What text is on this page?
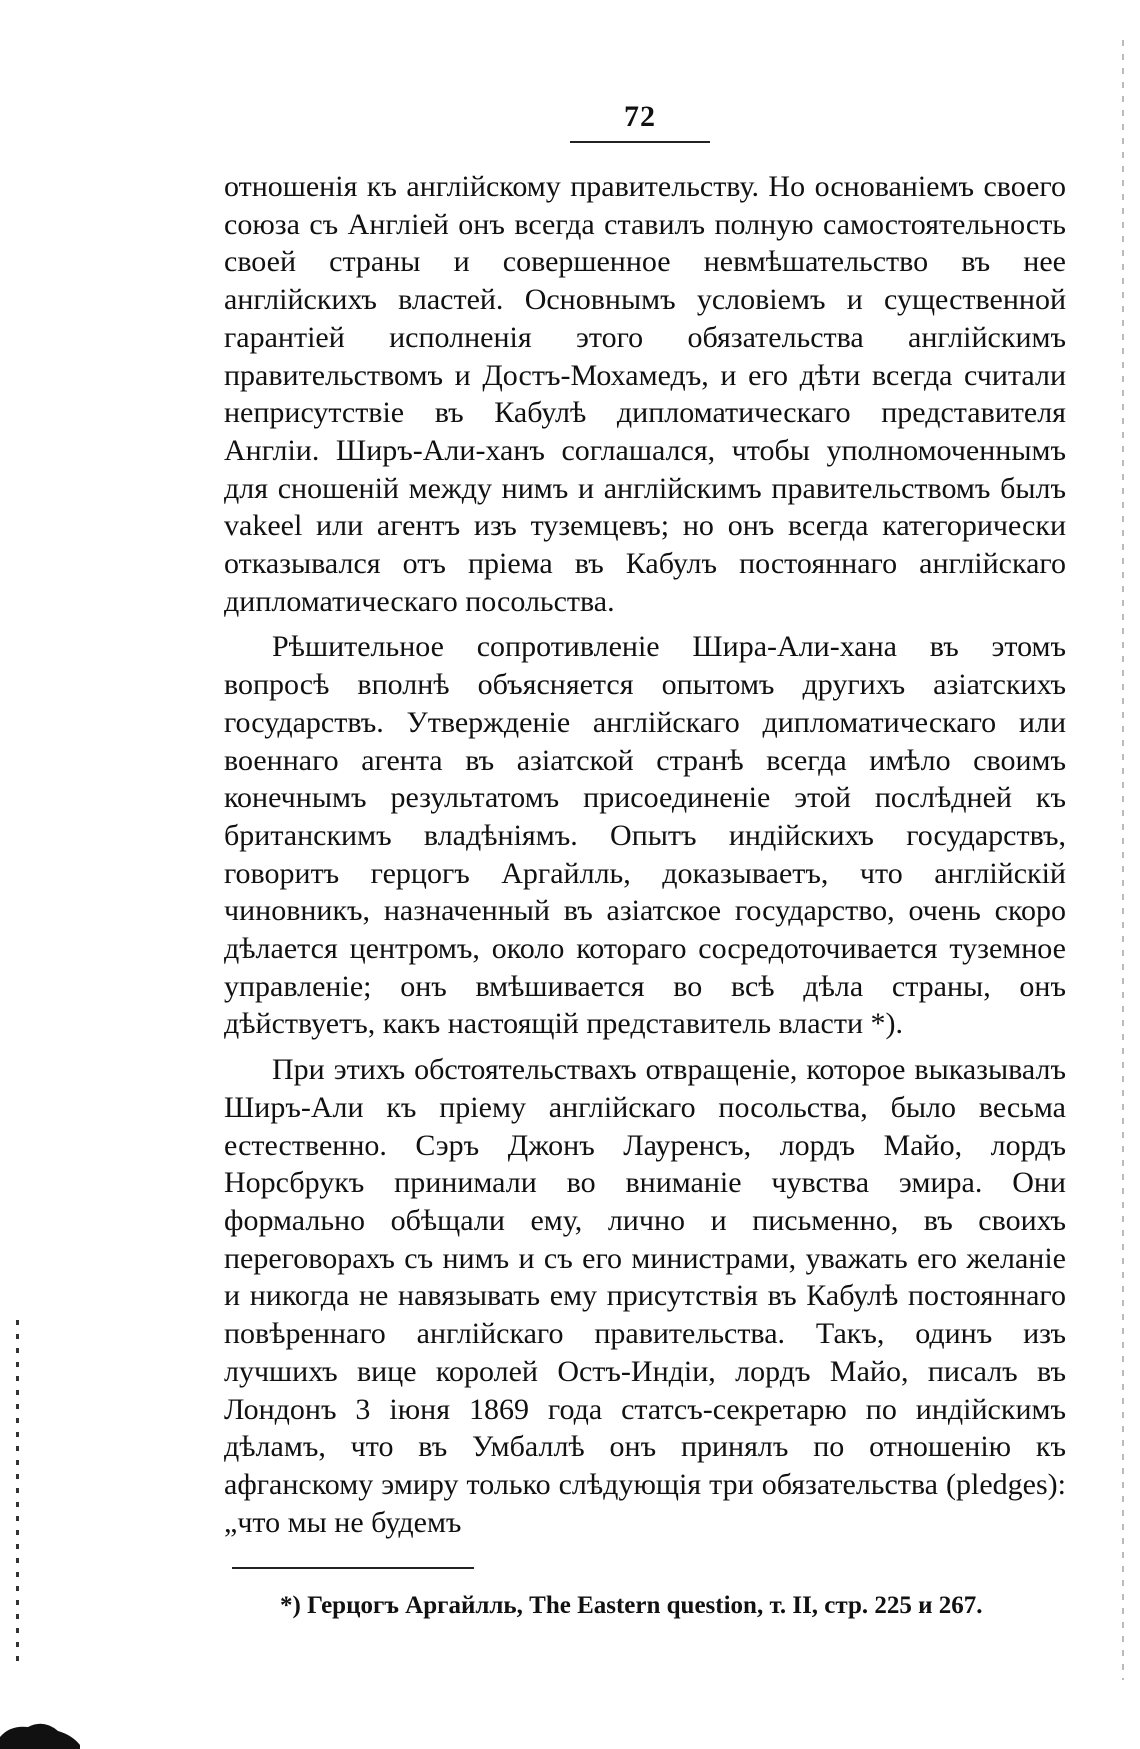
72

отношенія къ англійскому правительству. Но основаніемъ своего союза съ Англіей онъ всегда ставилъ полную самостоятельность своей страны и совершенное невмѣшательство въ нее англійскихъ властей. Основнымъ условіемъ и существенной гарантіей исполненія этого обязательства англійскимъ правительствомъ и Достъ-Мохамедъ, и его дѣти всегда считали неприсутствіе въ Кабулѣ дипломатическаго представителя Англіи. Ширъ-Али-ханъ соглашался, чтобы уполномоченнымъ для сношеній между нимъ и англійскимъ правительствомъ былъ vakeel или агентъ изъ туземцевъ; но онъ всегда категорически отказывался отъ пріема въ Кабулъ постояннаго англійскаго дипломатическаго посольства.

Рѣшительное сопротивленіе Шира-Али-хана въ этомъ вопросѣ вполнѣ объясняется опытомъ другихъ азіатскихъ государствъ. Утвержденіе англійскаго дипломатическаго или военнаго агента въ азіатской странѣ всегда имѣло своимъ конечнымъ результатомъ присоединеніе этой послѣдней къ британскимъ владѣніямъ. Опытъ индійскихъ государствъ, говоритъ герцогъ Аргайлль, доказываетъ, что англійскій чиновникъ, назначенный въ азіатское государство, очень скоро дѣлается центромъ, около котораго сосредоточивается туземное управленіе; онъ вмѣшивается во всѣ дѣла страны, онъ дѣйствуетъ, какъ настоящій представитель власти *).

При этихъ обстоятельствахъ отвращеніе, которое выказывалъ Ширъ-Али къ пріему англійскаго посольства, было весьма естественно. Сэръ Джонъ Лауренсъ, лордъ Майо, лордъ Норсбрукъ принимали во вниманіе чувства эмира. Они формально обѣщали ему, лично и письменно, въ своихъ переговорахъ съ нимъ и съ его министрами, уважать его желаніе и никогда не навязывать ему присутствія въ Кабулѣ постояннаго повѣреннаго англійскаго правительства. Такъ, одинъ изъ лучшихъ вице королей Остъ-Индіи, лордъ Майо, писалъ въ Лондонъ 3 іюня 1869 года статсъ-секретарю по индійскимъ дѣламъ, что въ Умбаллѣ онъ принялъ по отношенію къ афганскому эмиру только слѣдующія три обязательства (pledges): „что мы не будемъ

*) Герцогъ Аргайлль, The Eastern question, т. II, стр. 225 и 267.
